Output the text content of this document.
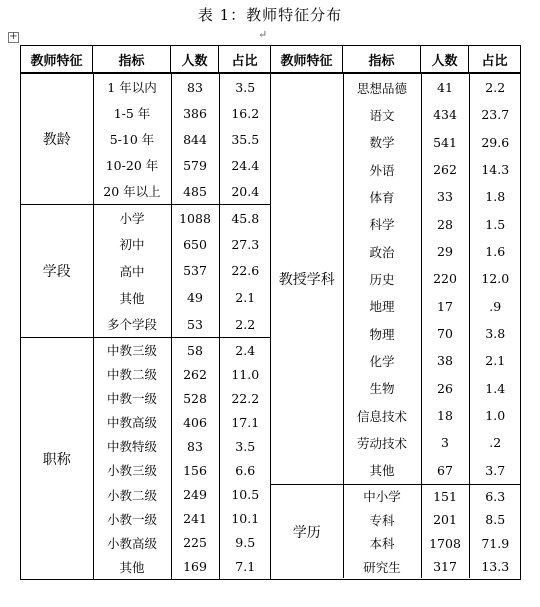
表 1：教师特征分布
+	↵
教师特征	指标	人数	占比	教师特征	指标	人数	占比

教龄	1 年以内	83	3.5
1-5 年	386	16.2
5-10 年	844	35.5
10-20 年	579	24.4
20 年以上	485	20.4
学段	小学	1088	45.8
初中	650	27.3
高中	537	22.6
其他	49	2.1
多个学段	53	2.2
职称	中教三级	58	2.4
中教二级	262	11.0
中教一级	528	22.2
中教高级	406	17.1
中教特级	83	3.5
小教三级	156	6.6
小教二级	249	10.5
小教一级	241	10.1
小教高级	225	9.5
其他	169	7.1

教授学科	思想品德	41	2.2
语文	434	23.7
数学	541	29.6
外语	262	14.3
体育	33	1.8
科学	28	1.5
政治	29	1.6
历史	220	12.0
地理	17	.9
物理	70	3.8
化学	38	2.1
生物	26	1.4
信息技术	18	1.0
劳动技术	3	.2
其他	67	3.7
学历	中小学	151	6.3
专科	201	8.5
本科	1708	71.9
研究生	317	13.3
